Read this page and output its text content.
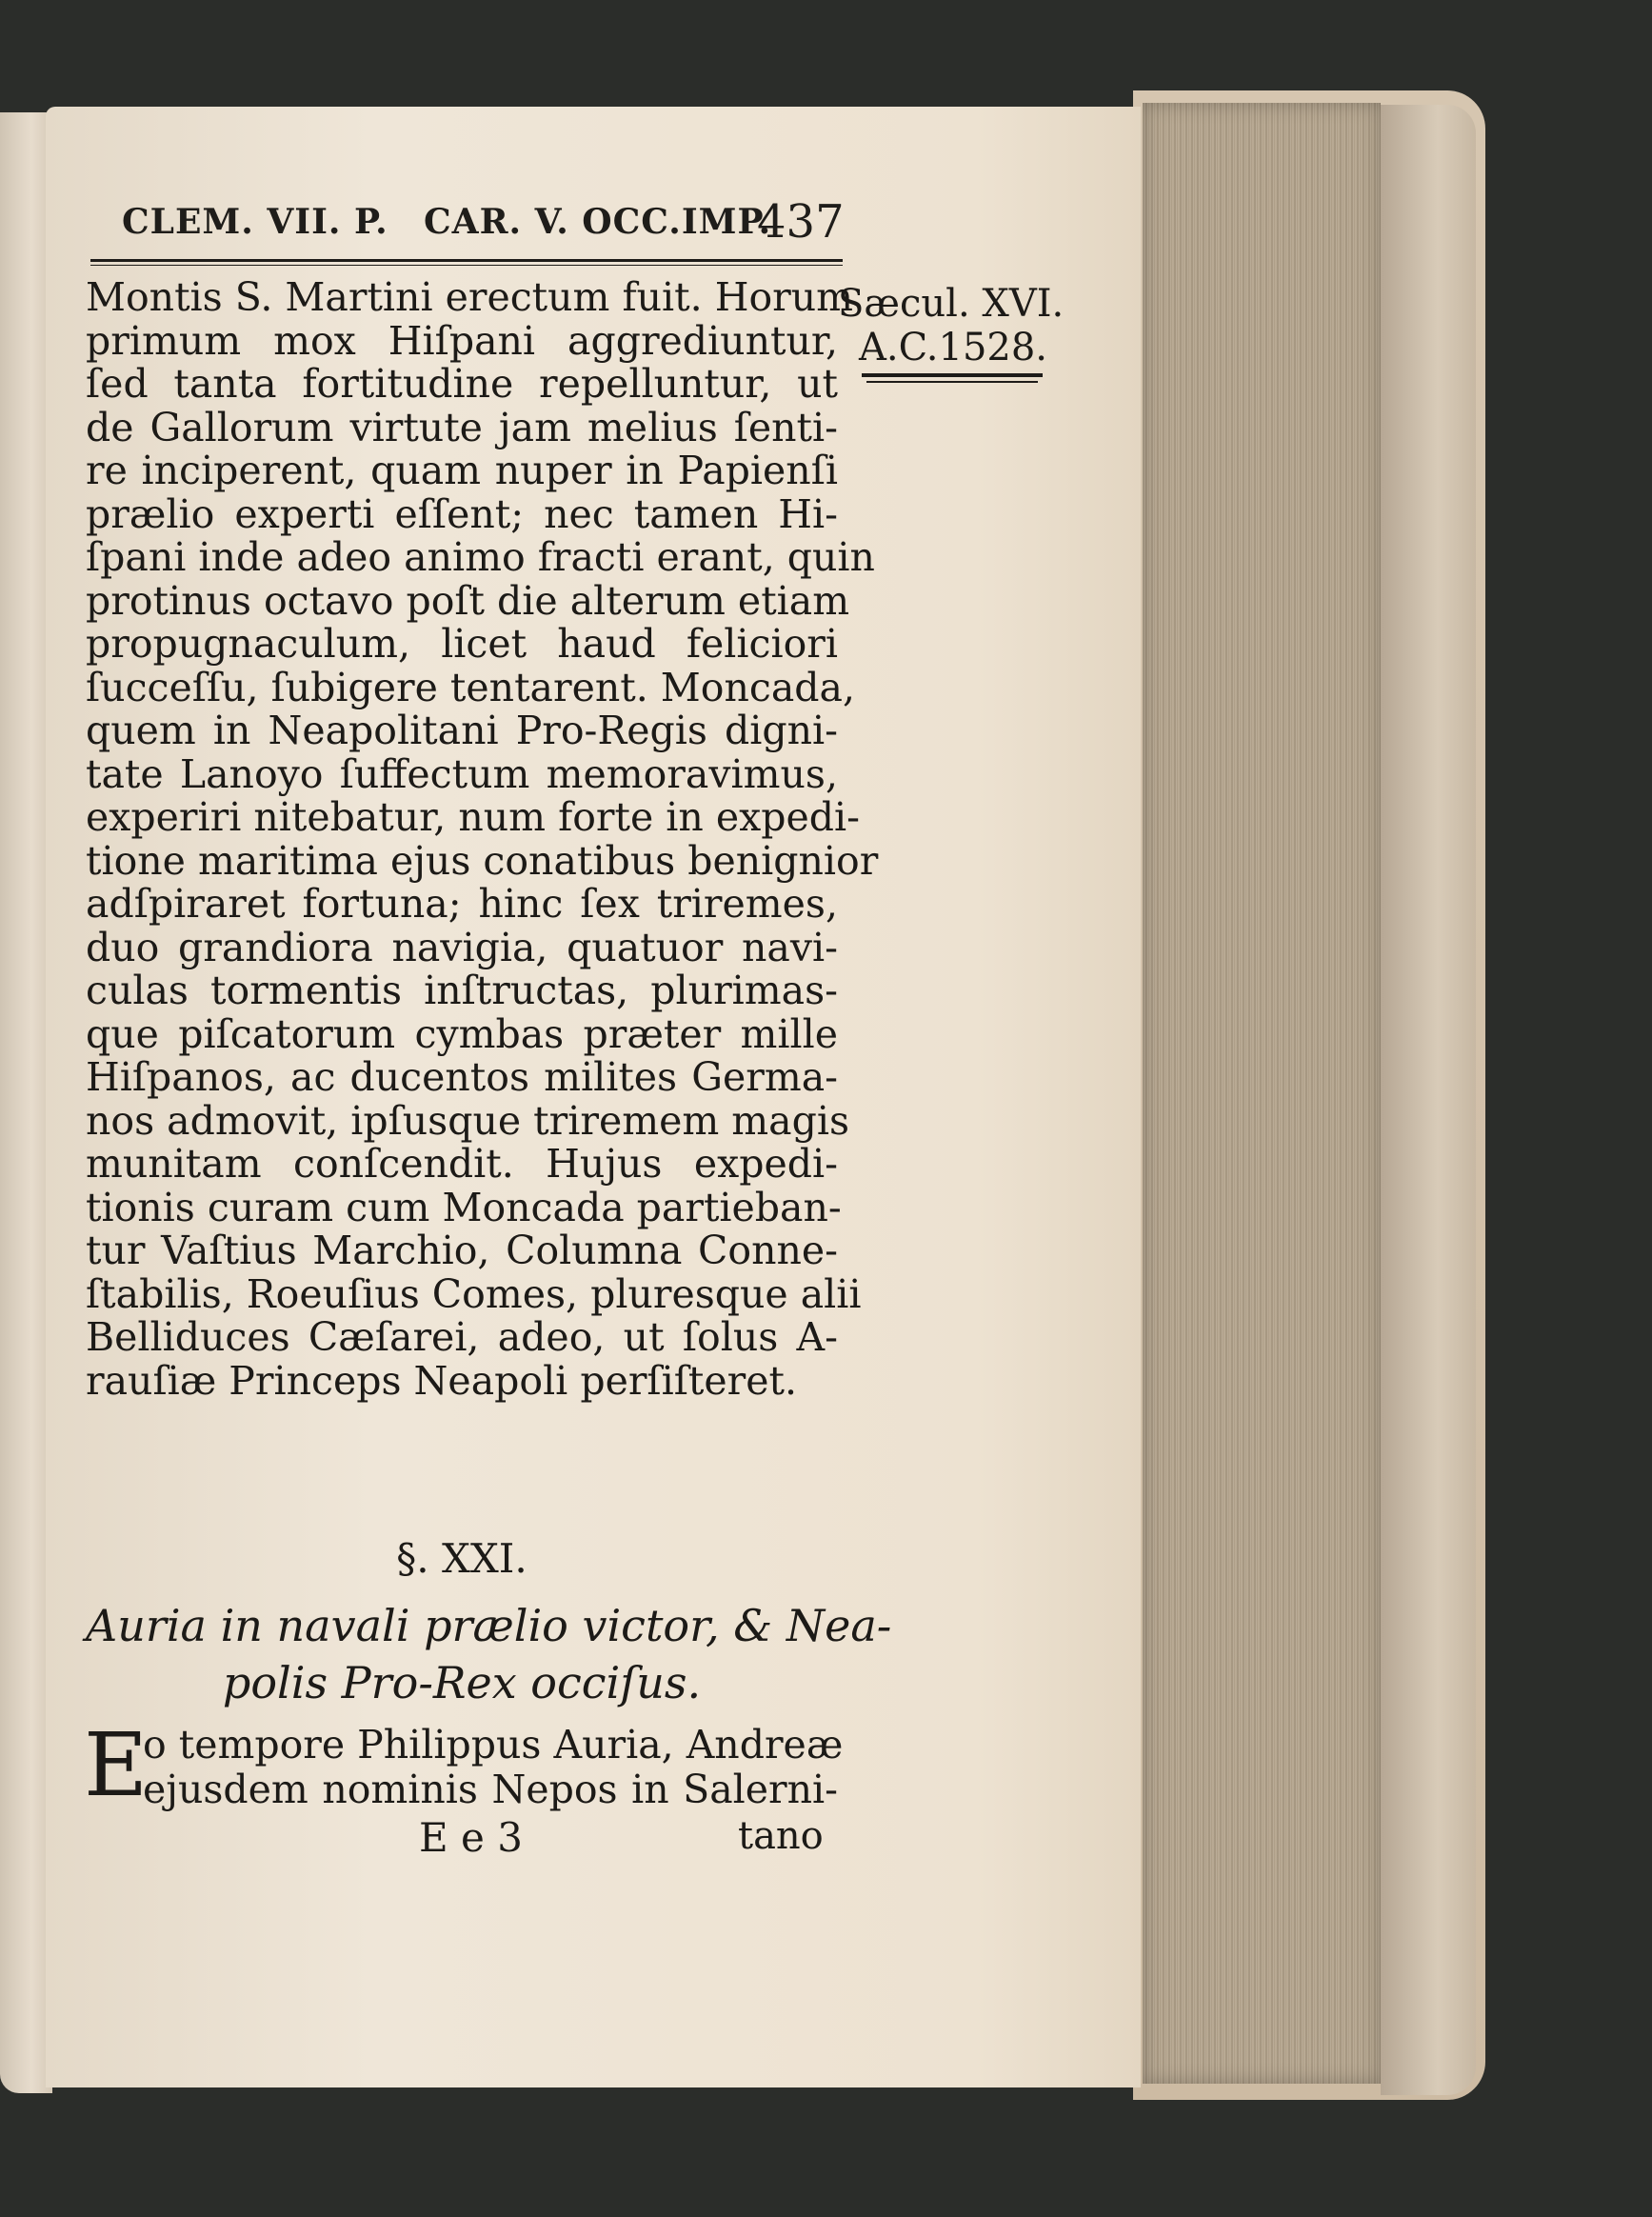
CLEM. VII. P. CAR. V. OCC.IMP.
437
Sæcul. XVI.
A.C.1528.
Montis S. Martini erectum fuit. Horum
primum mox Hiſpani aggrediuntur,
ſed tanta fortitudine repelluntur, ut
de Gallorum virtute jam melius ſenti-
re inciperent, quam nuper in Papienſi
prælio experti eſſent; nec tamen Hi-
ſpani inde adeo animo fracti erant, quin
protinus octavo poſt die alterum etiam
propugnaculum, licet haud feliciori
ſucceſſu, ſubigere tentarent. Moncada,
quem in Neapolitani Pro-Regis digni-
tate Lanoyo ſuffectum memoravimus,
experiri nitebatur, num forte in expedi-
tione maritima ejus conatibus benignior
adſpiraret fortuna; hinc ſex triremes,
duo grandiora navigia, quatuor navi-
culas tormentis inſtructas, plurimas-
que piſcatorum cymbas præter mille
Hiſpanos, ac ducentos milites Germa-
nos admovit, ipſusque triremem magis
munitam conſcendit. Hujus expedi-
tionis curam cum Moncada partieban-
tur Vaſtius Marchio, Columna Conne-
ſtabilis, Roeuſius Comes, pluresque alii
Belliduces Cæſarei, adeo, ut ſolus A-
rauſiæ Princeps Neapoli perſiſteret.
§. XXI.
Auria in navali prælio victor, & Nea-
polis Pro-Rex occiſus.
E
o tempore Philippus Auria, Andreæ
ejusdem nominis Nepos in Salerni-
E e 3	tano
